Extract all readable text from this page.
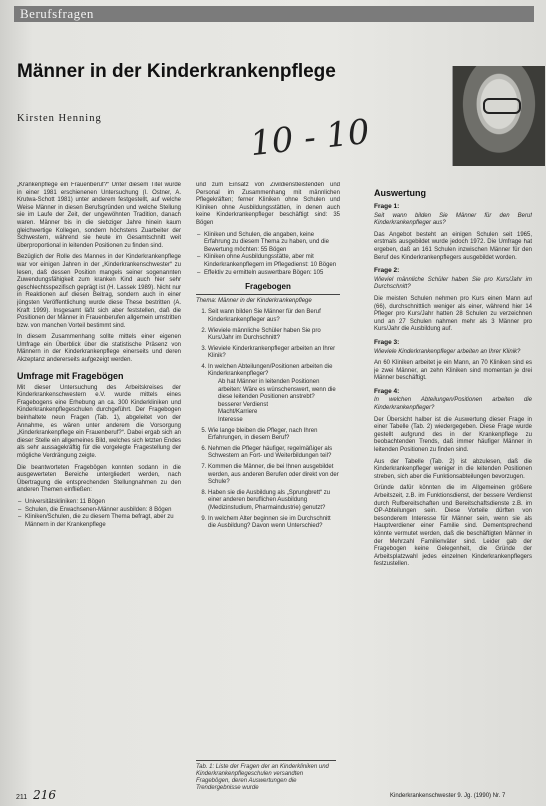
Berufsfragen
Männer in der Kinderkrankenpflege
Kirsten Henning	10 - 10

„Krankenpflege ein Frauenberuf?“ Unter diesem Titel wurde in einer 1981 erschienenen Untersuchung (I. Ostner, A. Krutwa-Schott 1981) unter anderem festgestellt, auf welche Weise Männer in diesen Berufsgründen und welche Stellung sie im Laufe der Zeit, der ungewöhnten Tradition, danach waren. Männer bis in die siebziger Jahre hinein kaum gleichwertige Kollegen, sondern höchstens Zuarbeiter der Schwestern, während sie heute im Gesamtschnitt weit überproportional in leitenden Positionen zu finden sind.

Bezüglich der Rolle des Mannes in der Kinderkrankenpflege war vor einigen Jahren in der „Kinderkrankenschwester“ zu lesen, daß dessen Position mangels seiner sogenannten Zuwendungsfähigkeit zum kranken Kind auch hier sehr geschlechtsspezifisch geprägt ist (H. Lassek 1989). Nicht nur in Reaktionen auf diesen Beitrag, sondern auch in einer jüngsten Veröffentlichung wurde diese These bestritten (A. Kraft 1999). Insgesamt läßt sich aber feststellen, daß die Positionen der Männer in Frauenberufen allgemein umstritten bzw. von manchen Vorteil bestimmt sind.

In diesem Zusammenhang sollte mittels einer eigenen Umfrage ein Überblick über die statistische Präsenz von Männern in der Kinderkrankenpflege einerseits und deren Akzeptanz andererseits aufgezeigt werden.

Umfrage mit Fragebögen

Mit dieser Untersuchung des Arbeitskreises der Kinderkrankenschwestern e.V. wurde mittels eines Fragebogens eine Erhebung an ca. 300 Kinderkliniken und Kinderkrankenpflegeschulen durchgeführt. Der Fragebogen beinhaltete neun Fragen (Tab. 1), abgeleitet von der Annahme, es wären unter anderem die Vorsorgung „Kinderkrankenpflege ein Frauenberuf?“. Dabei ergab sich an dieser Stelle ein allgemeines Bild, welches sich letzten Endes als sehr aussagekräftig für die vorgelegte Fragestellung der mögliche Verdrängung zeigte.

Die beantworteten Fragebögen konnten sodann in die ausgewerteten Bereiche untergliedert werden, nach Übertragung die entsprechenden Stellungnahmen zu den anderen Themen einfließen:

– Universitätskliniken: 11 Bögen
– Schulen, die Erwachsenen-Männer ausbilden: 8 Bögen
– Kliniken/Schulen, die zu diesem Thema befragt, aber zu Männern in der Krankenpflege

und zum Einsatz von Zivildienstleistenden und Personal im Zusammenhang mit männlichen Pflegekräften; ferner Kliniken ohne Schulen und Kliniken ohne Ausbildungsstätten, in denen auch keine Kinderkrankenpfleger beschäftigt sind: 35 Bögen

– Kliniken und Schulen, die angaben, keine Erfahrung zu diesem Thema zu haben, und die Bewertung möchten: 55 Bögen
– Kliniken ohne Ausbildungsstätte, aber mit Kinderkrankenpflegern im Pflegedienst: 10 Bögen
– Effektiv zu ermitteln auswertbare Bögen: 105
Fragebogen

Thema: Männer in der Kinderkrankenpflege

1. Seit wann bilden Sie Männer für den Beruf Kinderkrankenpfleger aus?
2. Wieviele männliche Schüler haben Sie pro Kurs/Jahr im Durchschnitt?
3. Wieviele Kinderkrankenpfleger arbeiten an Ihrer Klinik?
4. In welchen Abteilungen/Positionen arbeiten die Kinderkrankenpfleger?
Ab hat Männer in leitenden Positionen arbeiten: Wäre es wünschenswert, wenn die diese leitenden Positionen anstrebt?
besserer Verdienst
Macht/Karriere
Interesse
5. Wie lange bleiben die Pfleger, nach Ihren Erfahrungen, in diesem Beruf?
6. Nehmen die Pfleger häufiger, regelmäßiger als Schwestern an Fort- und Weiterbildungen teil?
7. Kommen die Männer, die bei Ihnen ausgebildet werden, aus anderen Berufen oder direkt von der Schule?
8. Haben sie die Ausbildung als „Sprungbrett“ zu einer anderen beruflichen Ausbildung (Medizinstudium, Pharmaindustrie) genutzt?
9. In welchem Alter beginnen sie im Durchschnitt die Ausbildung? Davon wenn Unterschied?
Tab. 1: Liste der Fragen der an Kinderkliniken und Kinderkrankenpflegeschulen versandten Fragebögen, deren Auswertungen die Trendergebnisse wurde
Auswertung
Frage 1:

Seit wann bilden Sie Männer für den Beruf Kinderkrankenpfleger aus?

Das Angebot besteht an einigen Schulen seit 1965, erstmals ausgebildet wurde jedoch 1972. Die Umfrage hat ergeben, daß an 161 Schulen inzwischen Männer für den Beruf des Kinderkrankenpflegers ausgebildet worden.

Frage 2:

Wieviel männliche Schüler haben Sie pro Kurs/Jahr im Durchschnitt?

Die meisten Schulen nehmen pro Kurs einen Mann auf (66), durchschnittlich weniger als einer, während hier 14 Pfleger pro Kurs/Jahr hatten 28 Schulen zu verzeichnen und an 27 Schulen nahmen mehr als 3 Männer pro Kurs/Jahr die Ausbildung auf.

Frage 3:

Wieviele Kinderkrankenpfleger arbeiten an Ihrer Klinik?

An 60 Kliniken arbeitet je ein Mann, an 70 Kliniken sind es je zwei Männer, an zehn Kliniken sind momentan je drei Männer beschäftigt.

Frage 4:

In welchen Abteilungen/Positionen arbeiten die Kinderkrankenpfleger?

Der Übersicht halber ist die Auswertung dieser Frage in einer Tabelle (Tab. 2) wiedergegeben. Diese Frage wurde gestellt aufgrund des in der Krankenpflege zu beobachtenden Trends, daß immer häufiger Männer in leitenden Positionen zu finden sind.

Aus der Tabelle (Tab. 2) ist abzulesen, daß die Kinderkrankenpfleger weniger in die leitenden Positionen streben, sich aber die Funktionsabteilungen bevorzugen.

Gründe dafür könnten die im Allgemeinen größere Arbeitszeit, z.B. im Funktionsdienst, der bessere Verdienst durch Rufbereitschaften und Bereitschaftsdienste z.B. im OP-Abteilungen sein. Diese Vorteile dürften von besonderem Interesse für Männer sein, wenn sie als Hauptverdiener einer Familie sind. Dementsprechend könnte vermutet werden, daß die beschäftigten Männer in der Mehrzahl Familienväter sind. Leider gab der Fragebogen keine Gelegenheit, die Gründe der Arbeitsplatzwahl jedes einzelnen Kinderkrankenpflegers festzustellen.

211 216	Kinderkrankenschwester 9. Jg. (1990) Nr. 7
